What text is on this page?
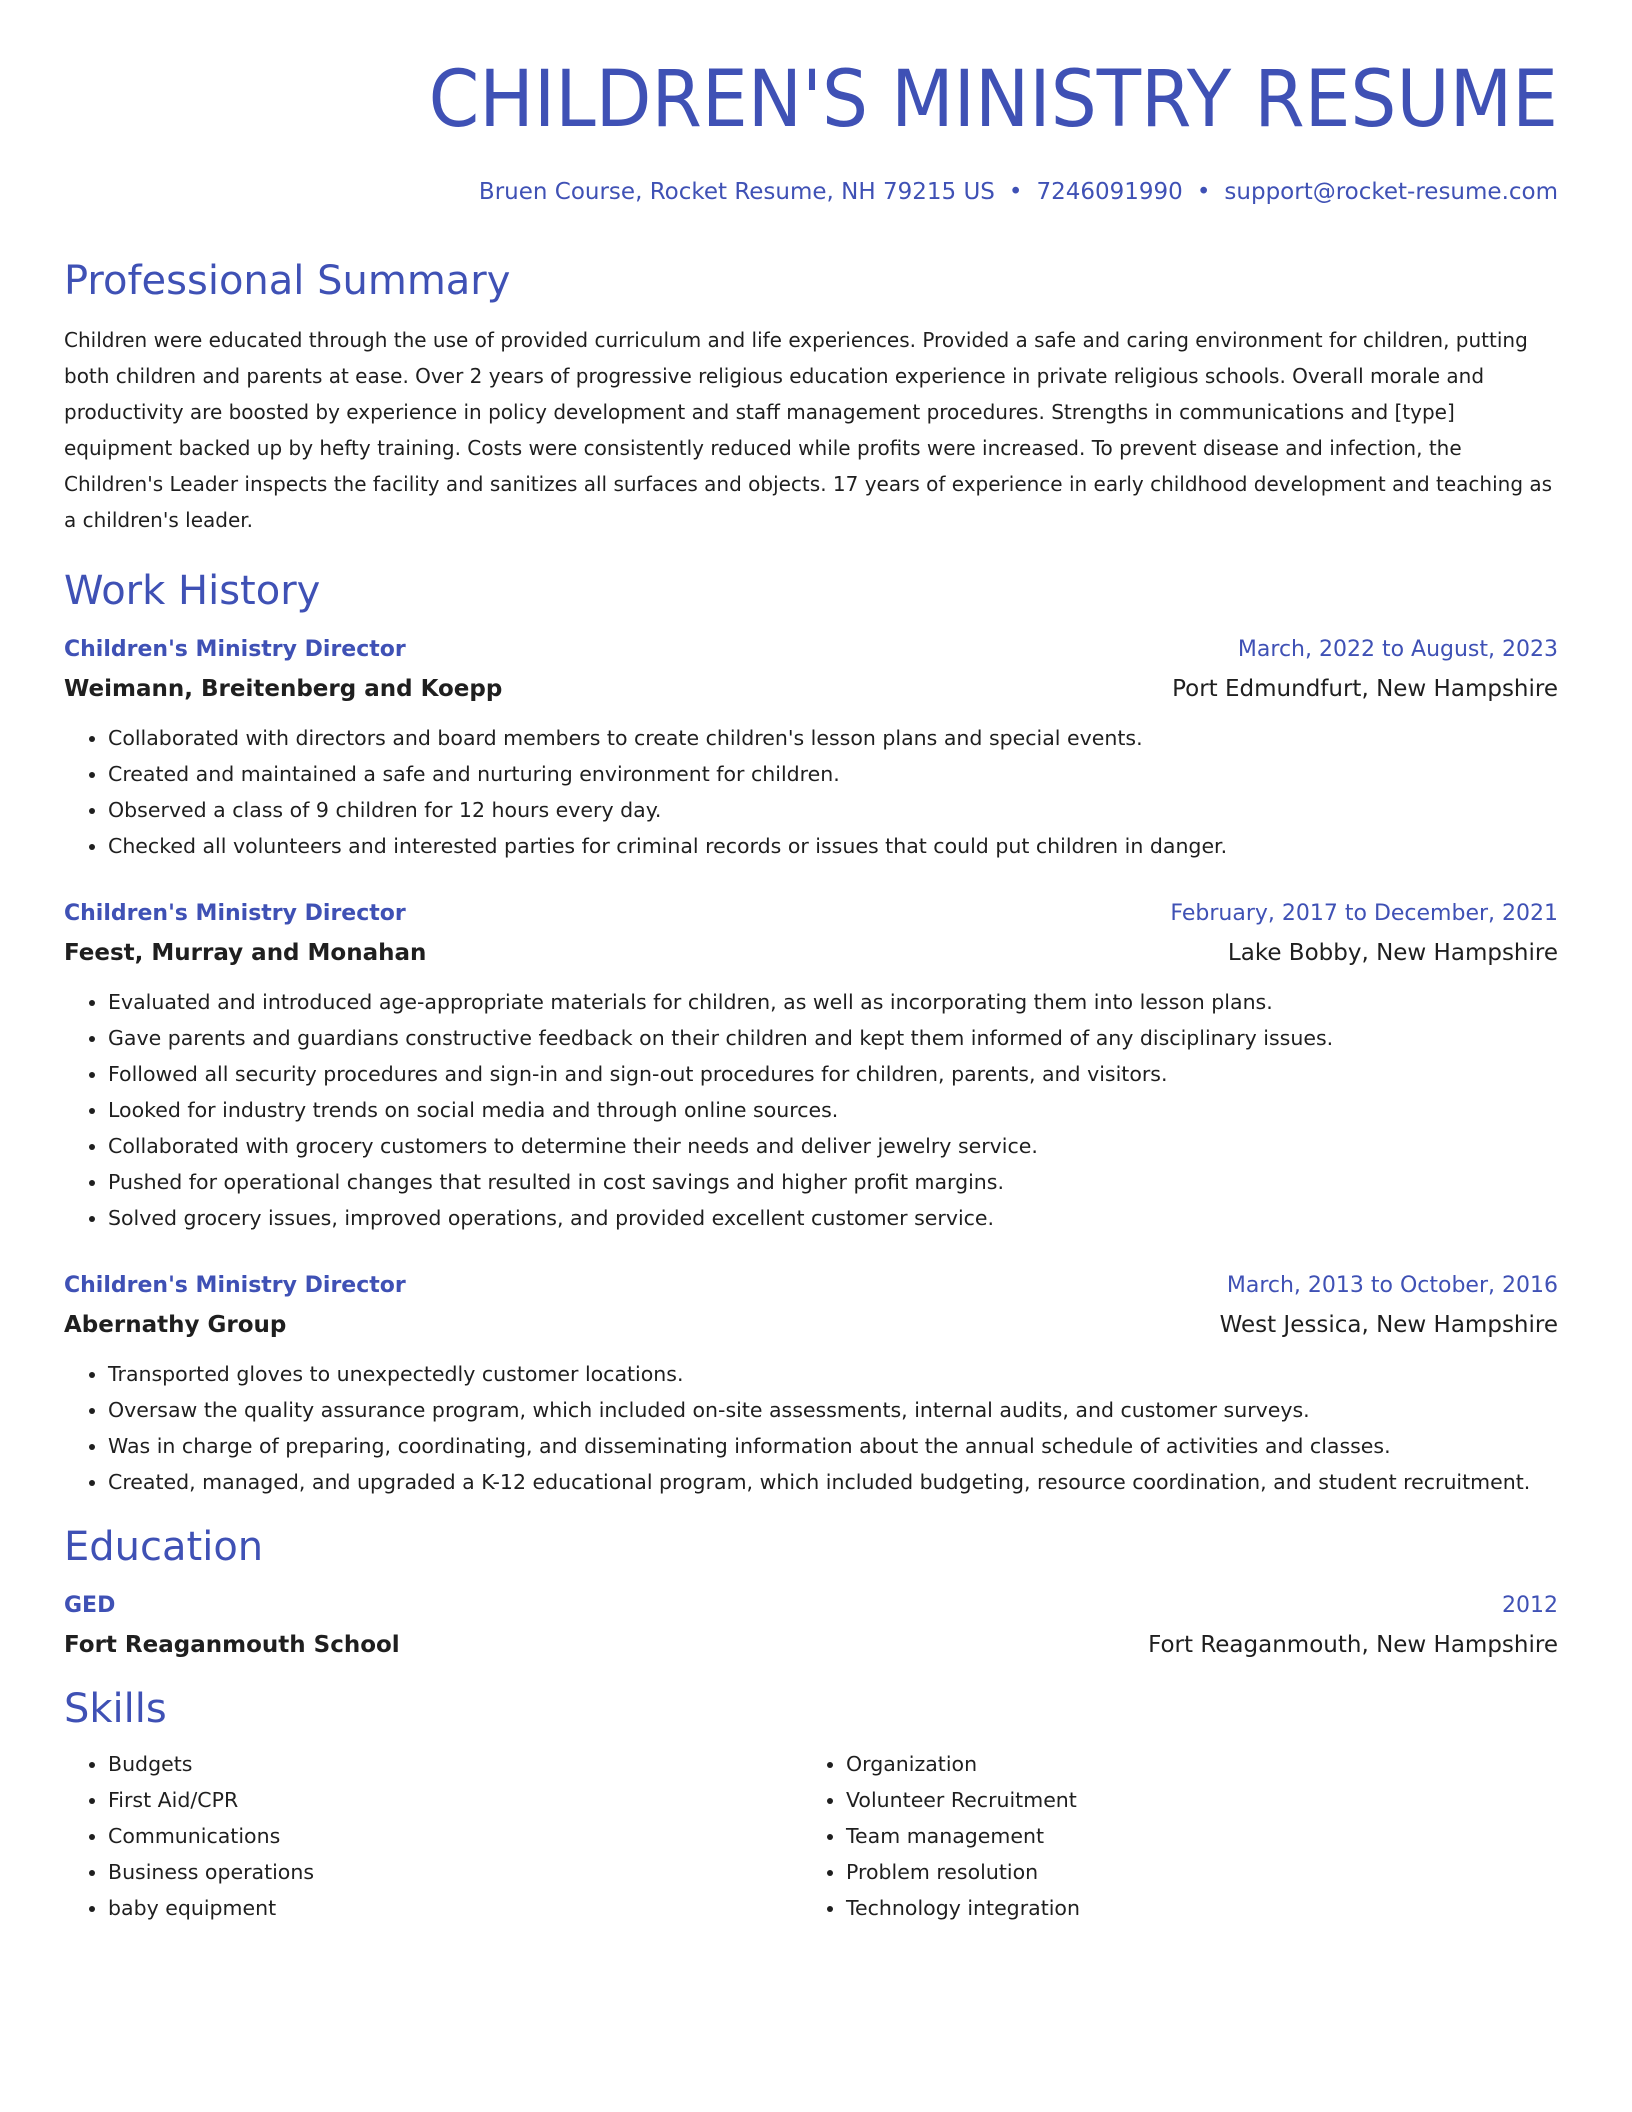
CHILDREN'S MINISTRY RESUME
Bruen Course, Rocket Resume, NH 79215 US • 7246091990 • support@rocket-resume.com
Professional Summary
Children were educated through the use of provided curriculum and life experiences. Provided a safe and caring environment for children, putting both children and parents at ease. Over 2 years of progressive religious education experience in private religious schools. Overall morale and productivity are boosted by experience in policy development and staff management procedures. Strengths in communications and [type] equipment backed up by hefty training. Costs were consistently reduced while profits were increased. To prevent disease and infection, the Children's Leader inspects the facility and sanitizes all surfaces and objects. 17 years of experience in early childhood development and teaching as a children's leader.
Work History
Children's Ministry Director	March, 2022 to August, 2023
Weimann, Breitenberg and Koepp	Port Edmundfurt, New Hampshire
• Collaborated with directors and board members to create children's lesson plans and special events.
• Created and maintained a safe and nurturing environment for children.
• Observed a class of 9 children for 12 hours every day.
• Checked all volunteers and interested parties for criminal records or issues that could put children in danger.
Children's Ministry Director	February, 2017 to December, 2021
Feest, Murray and Monahan	Lake Bobby, New Hampshire
• Evaluated and introduced age-appropriate materials for children, as well as incorporating them into lesson plans.
• Gave parents and guardians constructive feedback on their children and kept them informed of any disciplinary issues.
• Followed all security procedures and sign-in and sign-out procedures for children, parents, and visitors.
• Looked for industry trends on social media and through online sources.
• Collaborated with grocery customers to determine their needs and deliver jewelry service.
• Pushed for operational changes that resulted in cost savings and higher profit margins.
• Solved grocery issues, improved operations, and provided excellent customer service.
Children's Ministry Director	March, 2013 to October, 2016
Abernathy Group	West Jessica, New Hampshire
• Transported gloves to unexpectedly customer locations.
• Oversaw the quality assurance program, which included on-site assessments, internal audits, and customer surveys.
• Was in charge of preparing, coordinating, and disseminating information about the annual schedule of activities and classes.
• Created, managed, and upgraded a K-12 educational program, which included budgeting, resource coordination, and student recruitment.
Education
GED	2012
Fort Reaganmouth School	Fort Reaganmouth, New Hampshire
Skills
• Budgets
• First Aid/CPR
• Communications
• Business operations
• baby equipment
• Organization
• Volunteer Recruitment
• Team management
• Problem resolution
• Technology integration
